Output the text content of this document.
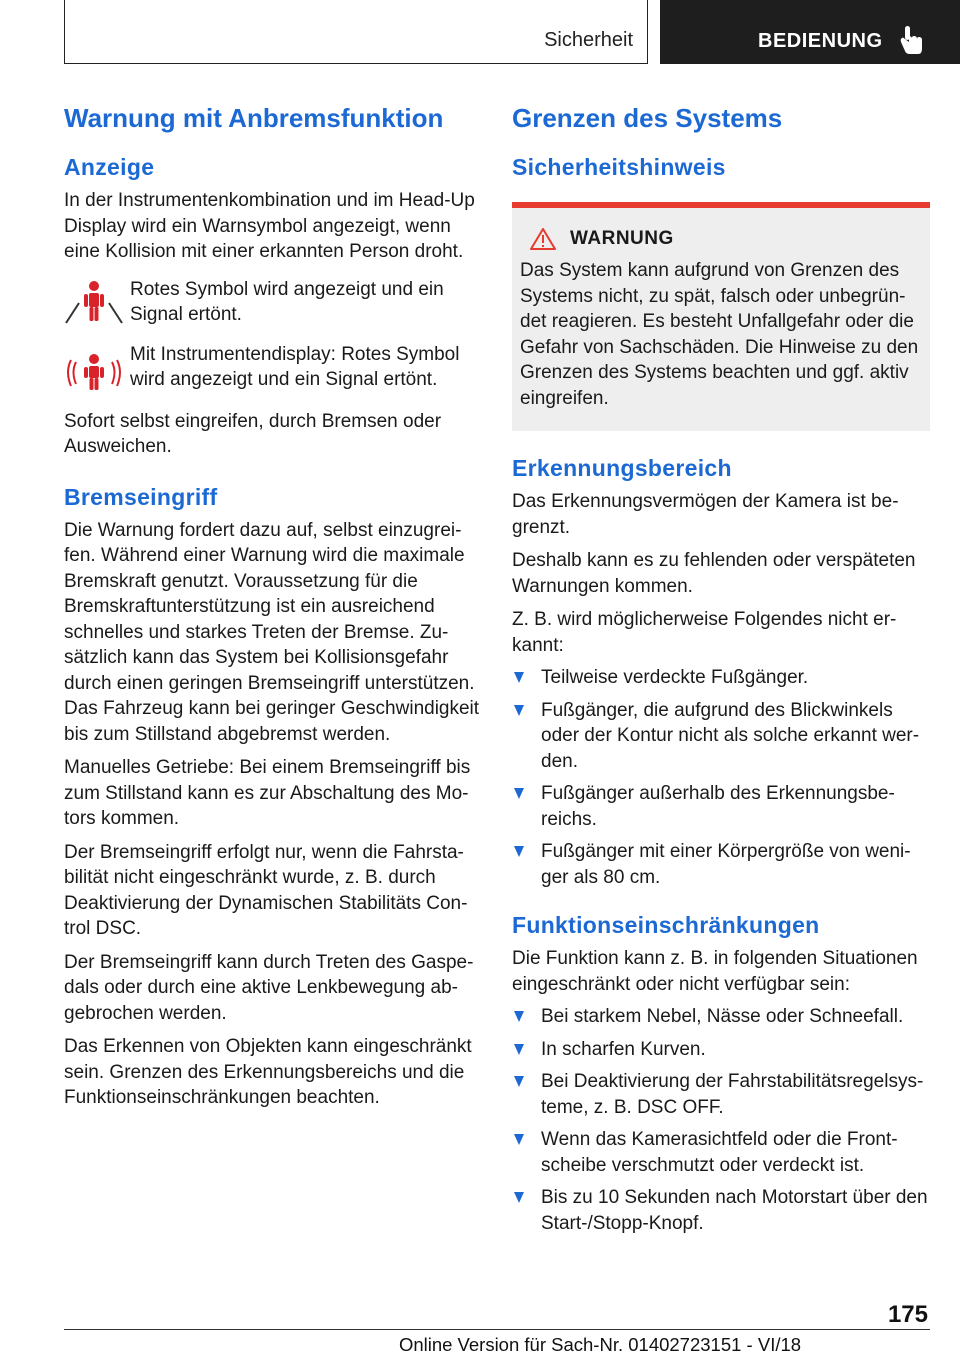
Sicherheit	BEDIENUNG
Warnung mit Anbremsfunktion
Anzeige

In der Instrumentenkombination und im Head-Up Display wird ein Warnsymbol angezeigt, wenn eine Kollision mit einer erkannten Person droht.

Rotes Symbol wird angezeigt und ein Signal ertönt.
Mit Instrumentendisplay: Rotes Symbol wird angezeigt und ein Signal ertönt.

Sofort selbst eingreifen, durch Bremsen oder Ausweichen.

Bremseingriff

Die Warnung fordert dazu auf, selbst einzugrei-fen. Während einer Warnung wird die maximale Bremskraft genutzt. Voraussetzung für die Bremskraftunterstützung ist ein ausreichend schnelles und starkes Treten der Bremse. Zu-sätzlich kann das System bei Kollisionsgefahr durch einen geringen Bremseingriff unterstützen. Das Fahrzeug kann bei geringer Geschwindigkeit bis zum Stillstand abgebremst werden.

Manuelles Getriebe: Bei einem Bremseingriff bis zum Stillstand kann es zur Abschaltung des Mo-tors kommen.

Der Bremseingriff erfolgt nur, wenn die Fahrsta-bilität nicht eingeschränkt wurde, z. B. durch Deaktivierung der Dynamischen Stabilitäts Con-trol DSC.

Der Bremseingriff kann durch Treten des Gaspe-dals oder durch eine aktive Lenkbewegung ab-gebrochen werden.

Das Erkennen von Objekten kann eingeschränkt sein. Grenzen des Erkennungsbereichs und die Funktionseinschränkungen beachten.

Grenzen des Systems
Sicherheitshinweis
WARNUNG

Das System kann aufgrund von Grenzen des Systems nicht, zu spät, falsch oder unbegrün-det reagieren. Es besteht Unfallgefahr oder die Gefahr von Sachschäden. Die Hinweise zu den Grenzen des Systems beachten und ggf. aktiv eingreifen.

Erkennungsbereich

Das Erkennungsvermögen der Kamera ist be-grenzt.

Deshalb kann es zu fehlenden oder verspäteten Warnungen kommen.

Z. B. wird möglicherweise Folgendes nicht er-kannt:

Teilweise verdeckte Fußgänger.
Fußgänger, die aufgrund des Blickwinkels oder der Kontur nicht als solche erkannt wer-den.
Fußgänger außerhalb des Erkennungsbe-reichs.
Fußgänger mit einer Körpergröße von weni-ger als 80 cm.
Funktionseinschränkungen

Die Funktion kann z. B. in folgenden Situationen eingeschränkt oder nicht verfügbar sein:

Bei starkem Nebel, Nässe oder Schneefall.
In scharfen Kurven.
Bei Deaktivierung der Fahrstabilitätsregelsys-teme, z. B. DSC OFF.
Wenn das Kamerasichtfeld oder die Front-scheibe verschmutzt oder verdeckt ist.
Bis zu 10 Sekunden nach Motorstart über den Start-/Stopp-Knopf.
175
Online Version für Sach-Nr. 01402723151 - VI/18
